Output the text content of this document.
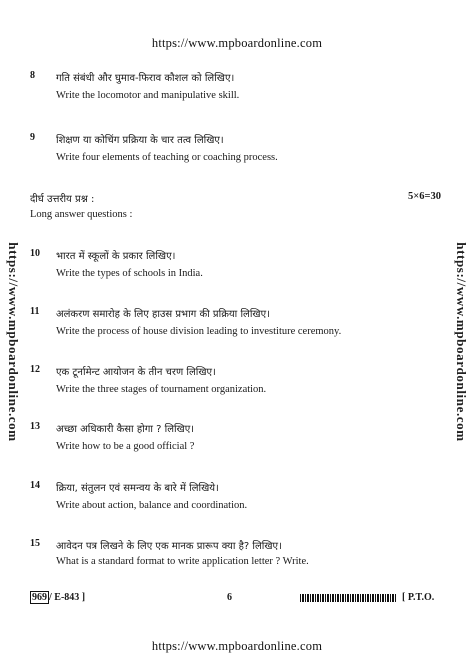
https://www.mpboardonline.com
https://www.mpboardonline.com	https://www.mpboardonline.com
8 गति संबंधी और घुमाव-फिराव कौशल को लिखिए।
Write the locomotor and manipulative skill.
9 शिक्षण या कोचिंग प्रक्रिया के चार तत्व लिखिए।
Write four elements of teaching or coaching process.
दीर्घ उत्तरीय प्रश्न :	5×6=30
Long answer questions :
10 भारत में स्कूलों के प्रकार लिखिए।
Write the types of schools in India.
11 अलंकरण समारोह के लिए हाउस प्रभाग की प्रक्रिया लिखिए।
Write the process of house division leading to investiture ceremony.
12 एक टूर्नामेन्ट आयोजन के तीन चरण लिखिए।
Write the three stages of tournament organization.
13 अच्छा अधिकारी कैसा होगा ? लिखिए।
Write how to be a good official ?
14 क्रिया, संतुलन एवं समन्वय के बारे में लिखिये।
Write about action, balance and coordination.
15 आवेदन पत्र लिखने के लिए एक मानक प्रारूप क्या है? लिखिए।
What is a standard format to write application letter ? Write.
969 / E-843 ]	6	[ P.T.O.
https://www.mpboardonline.com
